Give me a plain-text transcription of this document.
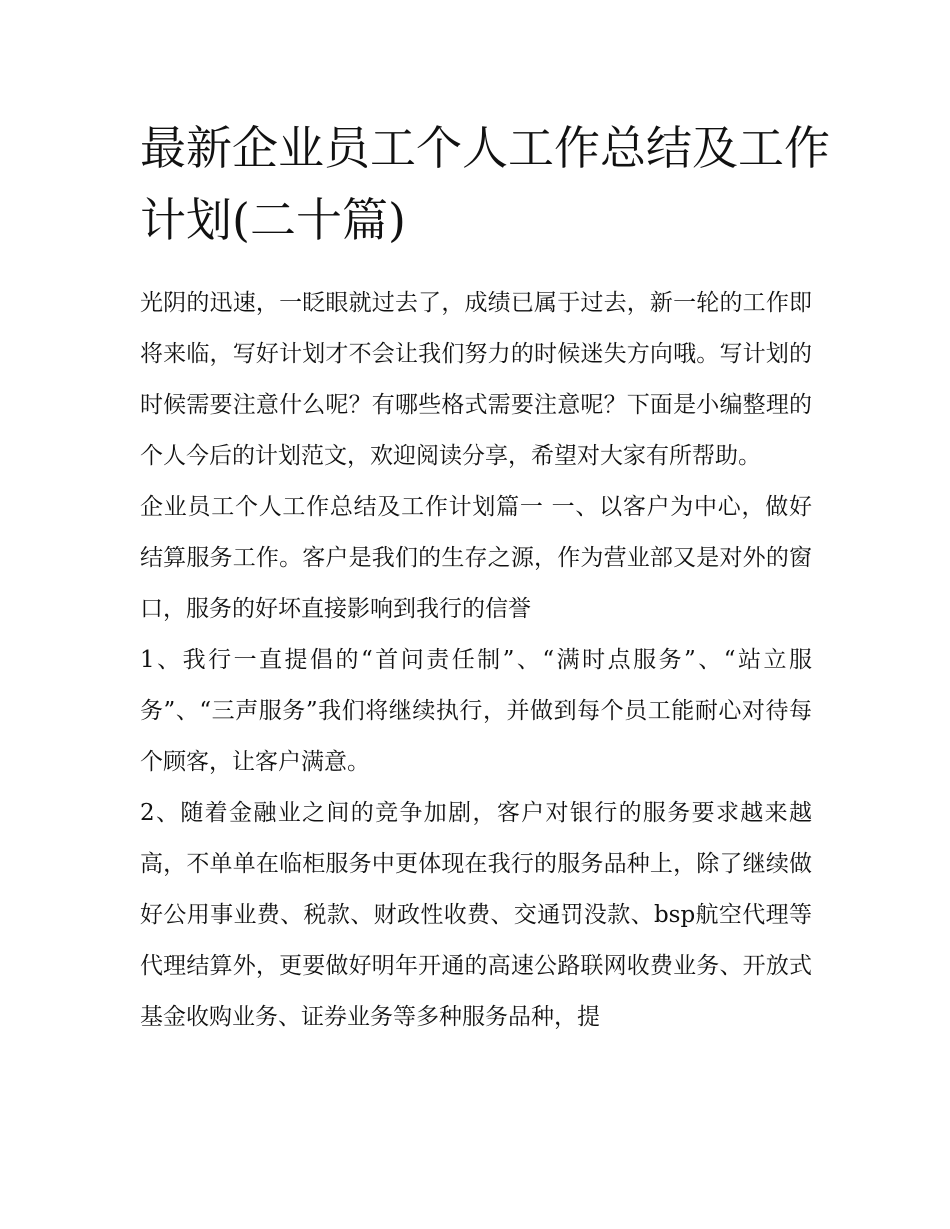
最新企业员工个人工作总结及工作计划(二十篇)

光阴的迅速，一眨眼就过去了，成绩已属于过去，新一轮的工作即将来临，写好计划才不会让我们努力的时候迷失方向哦。写计划的时候需要注意什么呢？有哪些格式需要注意呢？下面是小编整理的个人今后的计划范文，欢迎阅读分享，希望对大家有所帮助。

企业员工个人工作总结及工作计划篇一 一、以客户为中心，做好结算服务工作。客户是我们的生存之源，作为营业部又是对外的窗口，服务的好坏直接影响到我行的信誉

1、我行一直提倡的“首问责任制”、“满时点服务”、“站立服务”、“三声服务”我们将继续执行，并做到每个员工能耐心对待每个顾客，让客户满意。

2、随着金融业之间的竞争加剧，客户对银行的服务要求越来越高，不单单在临柜服务中更体现在我行的服务品种上，除了继续做好公用事业费、税款、财政性收费、交通罚没款、bsp航空代理等代理结算外，更要做好明年开通的高速公路联网收费业务、开放式基金收购业务、证券业务等多种服务品种，提
